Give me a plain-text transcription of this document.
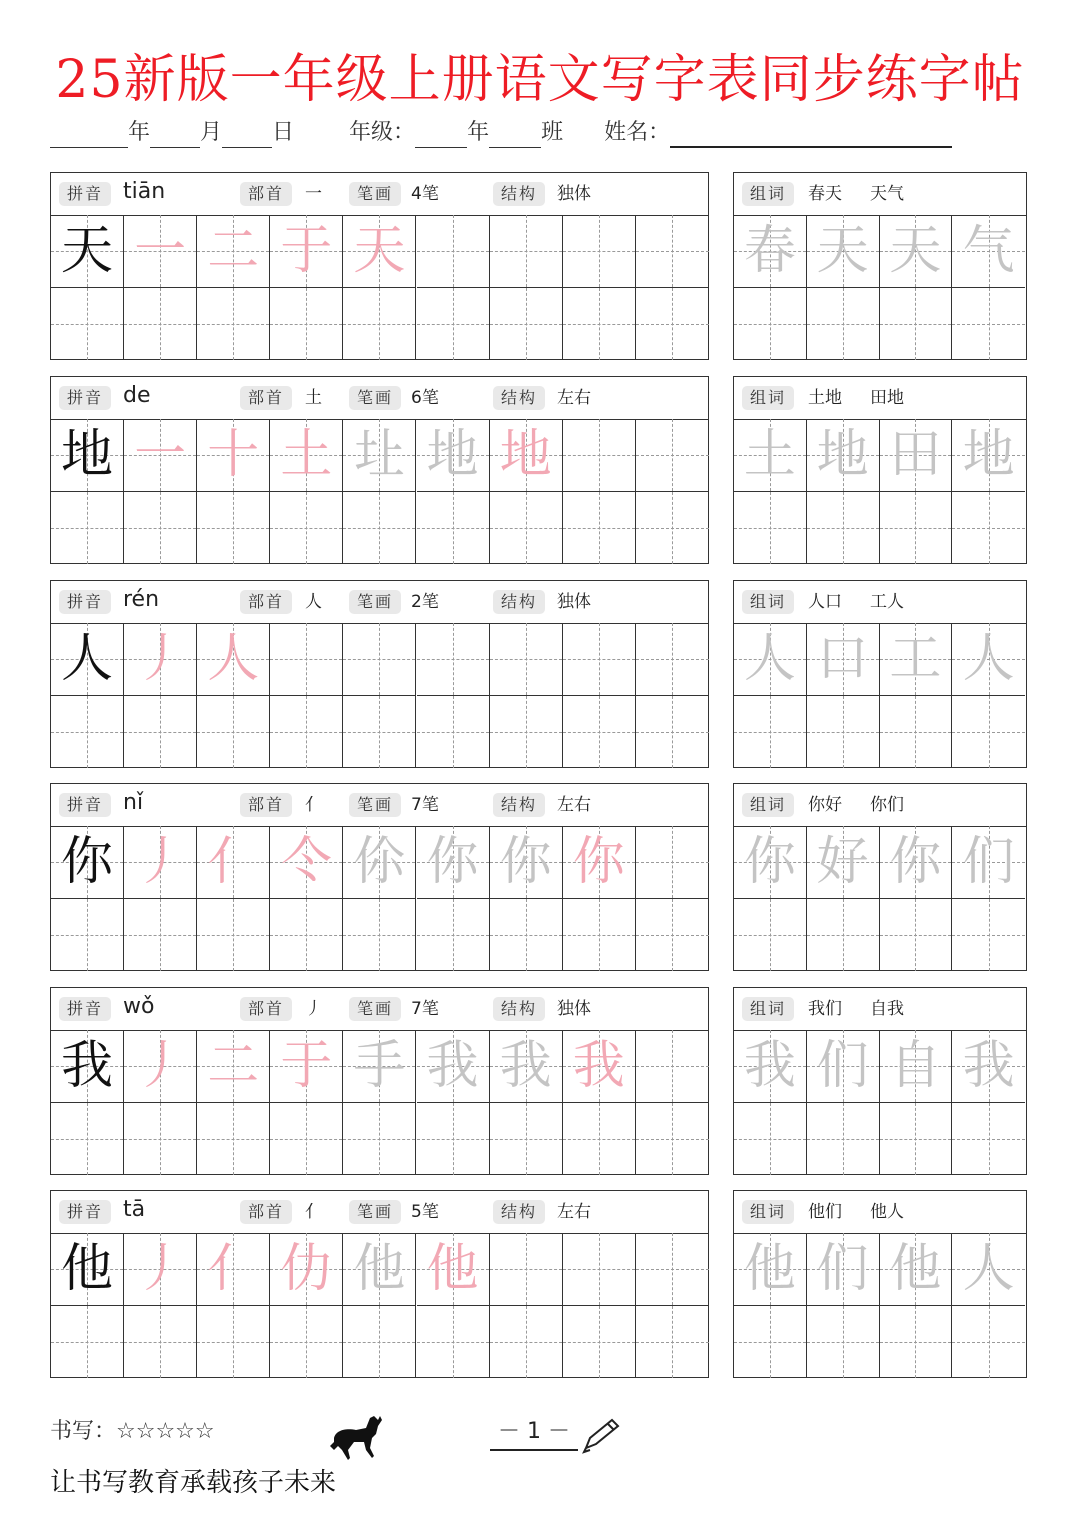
25新版一年级上册语文写字表同步练字帖
年 月 日	年级： 年 班 姓名：
拼音 tiān	部首	一	笔画	4笔	结构	独体
天 一 二 于 天
组词	春天 天气
春 天 天 气
拼音 de	部首	土	笔画	6笔	结构	左右
地 一 十 土 圵 地 地
组词	土地 田地
土 地 田 地
拼音 rén	部首	人	笔画	2笔	结构	独体
人 丿 人
组词	人口 工人
人 口 工 人
拼音 nǐ	部首	亻	笔画	7笔	结构	左右
你 丿 亻 仒 伱 你 你 你
组词	你好 你们
你 好 你 们
拼音 wǒ	部首	丿	笔画	7笔	结构	独体
我 丿 二 于 手 我 我 我
组词	我们 自我
我 们 自 我
拼音 tā	部首	亻	笔画	5笔	结构	左右
他 丿 亻 仂 他 他
组词	他们 他人
他 们 他 人
书写：☆☆☆☆☆	－ 1 －
让书写教育承载孩子未来
